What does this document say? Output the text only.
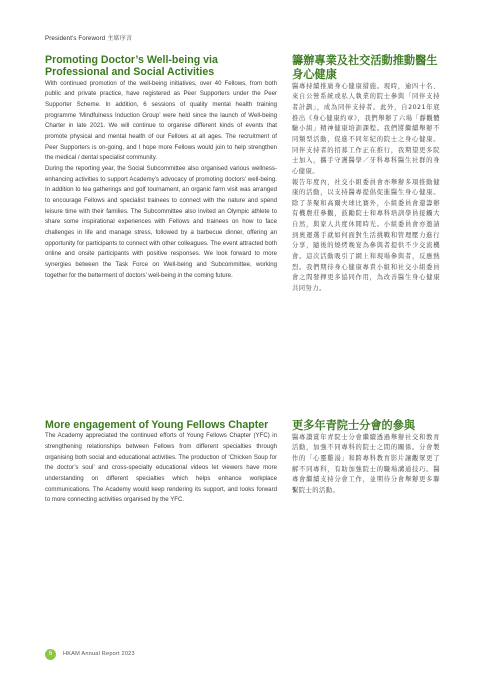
President's Foreword 主席序言
Promoting Doctor’s Well-being via Professional and Social Activities

With continued promotion of the well-being initiatives, over 40 Fellows, from both public and private practice, have registered as Peer Supporters under the Peer Supporter Scheme. In addition, 6 sessions of quality mental health training programme ‘Mindfulness Induction Group’ were held since the launch of Well-being Charter in late 2021. We will continue to organise different kinds of events that promote physical and mental health of our Fellows at all ages. The recruitment of Peer Supporters is on-going, and I hope more Fellows would join to help strengthen the medical / dental specialist community.

During the reporting year, the Social Subcommittee also organised various wellness-enhancing activities to support Academy’s advocacy of promoting doctors’ well-being. In addition to tea gatherings and golf tournament, an organic farm visit was arranged to encourage Fellows and specialist trainees to connect with the nature and spend leisure time with their families. The Subcommittee also invited an Olympic athlete to share some inspirational experiences with Fellows and trainees on how to face challenges in life and manage stress, followed by a barbecue dinner, offering an opportunity for participants to connect with other colleagues. The event attracted both online and onsite participants with positive responses. We look forward to more synergies between the Task Force on Well-being and Subcommittee, working together for the betterment of doctors’ well-being in the coming future.

籌辦專業及社交活動推動醫生身心健康

醫專持續推廣身心健康措施。現時，逾四十名、來自公營系統或私人執業的院士參與「同伴支持者計劃」，成為同伴支持者。此外，自2021年底推出《身心健康約章》，我們舉辦了六場「靜觀體驗小組」精神健康培訓課程。我們將繼續舉辦不同類型活動，促進不同年紀的院士之身心健康。同伴支持者的招募工作正在推行，我期望更多院士加入，攜手守護醫學／牙科專科醫生社群的身心健康。

報告年度內，社交小組委員會亦舉辦多項推動健康的活動，以支持醫專提倡促進醫生身心健康。除了茶聚和高爾夫球比賽外，小組委員會還籌辦有機農莊參觀，鼓勵院士和專科培訓學員接觸大自然，與家人共度休閒時光。小組委員會亦邀請到奧運選手就如何面對生活挑戰和管理壓力進行分享，隨後的燒烤晚宴為參與者提供不少交流機會。這次活動吸引了網上和現場參與者，反應熱烈。我們期待身心健康專責小組和社交小組委員會之間發揮更多協同作用，為改善醫生身心健康共同努力。

More engagement of Young Fellows Chapter

The Academy appreciated the continued efforts of Young Fellows Chapter (YFC) in strengthening relationships between Fellows from different specialties through organising both social and educational activities. The production of ‘Chicken Soup for the doctor’s soul’ and cross-specialty educational videos let viewers have more understanding on different specialties which helps enhance workplace communications. The Academy would keep rendering its support, and looks forward to more connecting activities organised by the YFC.

更多年青院士分會的參與

醫專讚賞年青院士分會繼續透過舉辦社交和教育活動，加強不同專科的院士之間的關係。分會製作的「心靈雞湯」和跨專科教育影片讓觀眾更了解不同專科，有助加強院士的職場溝通技巧。醫專會繼續支持分會工作，並期待分會舉辦更多聯繫院士的活動。

6	HKAM Annual Report 2023
